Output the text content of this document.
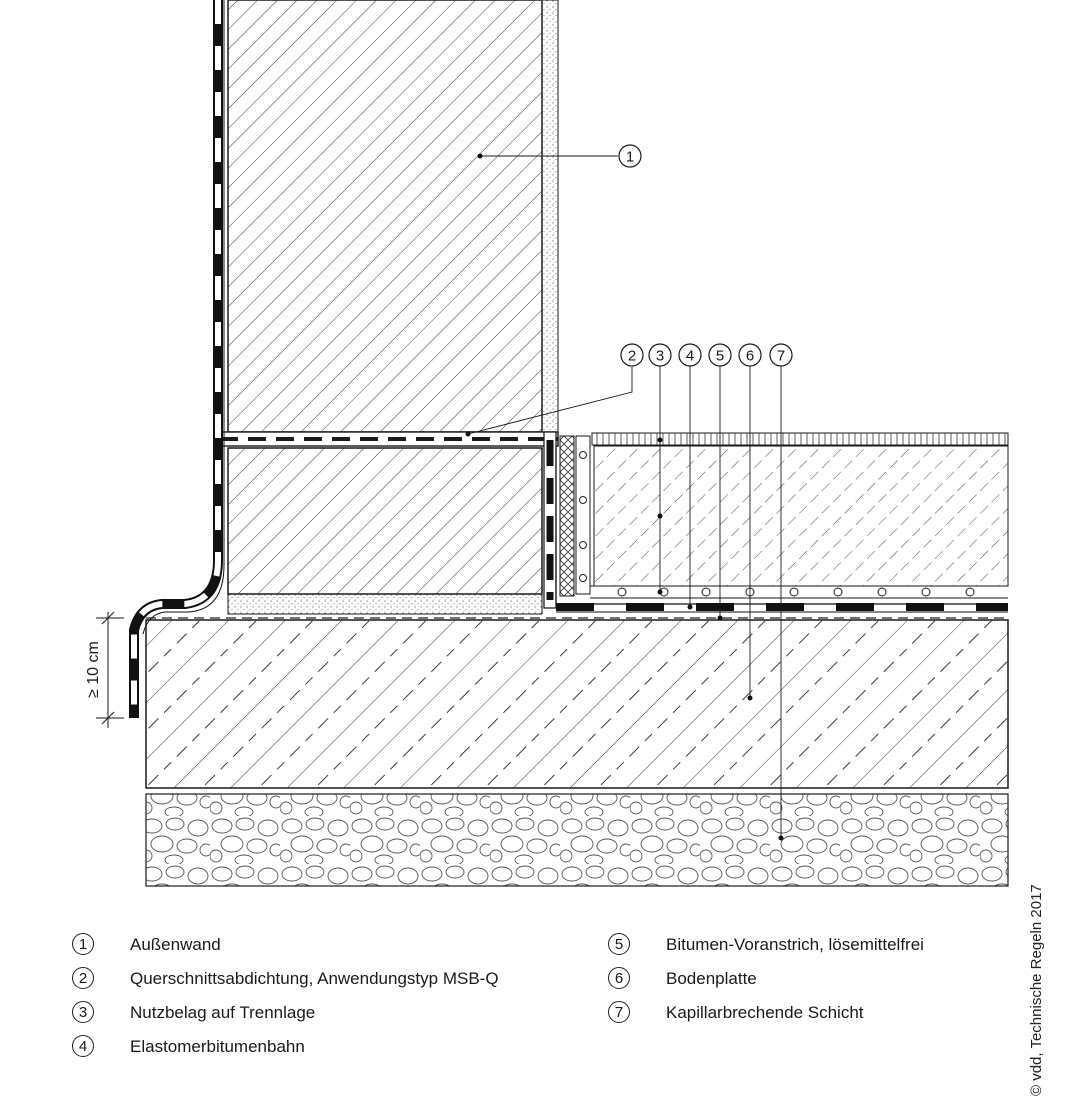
≥ 10 cm
1
2 3 4 5 6 7
1	Außenwand
2	Querschnittsabdichtung, Anwendungstyp MSB-Q
3	Nutzbelag auf Trennlage
4	Elastomerbitumenbahn
5	Bitumen-Voranstrich, lösemittelfrei
6	Bodenplatte
7	Kapillarbrechende Schicht	© vdd, Technische Regeln 2017
